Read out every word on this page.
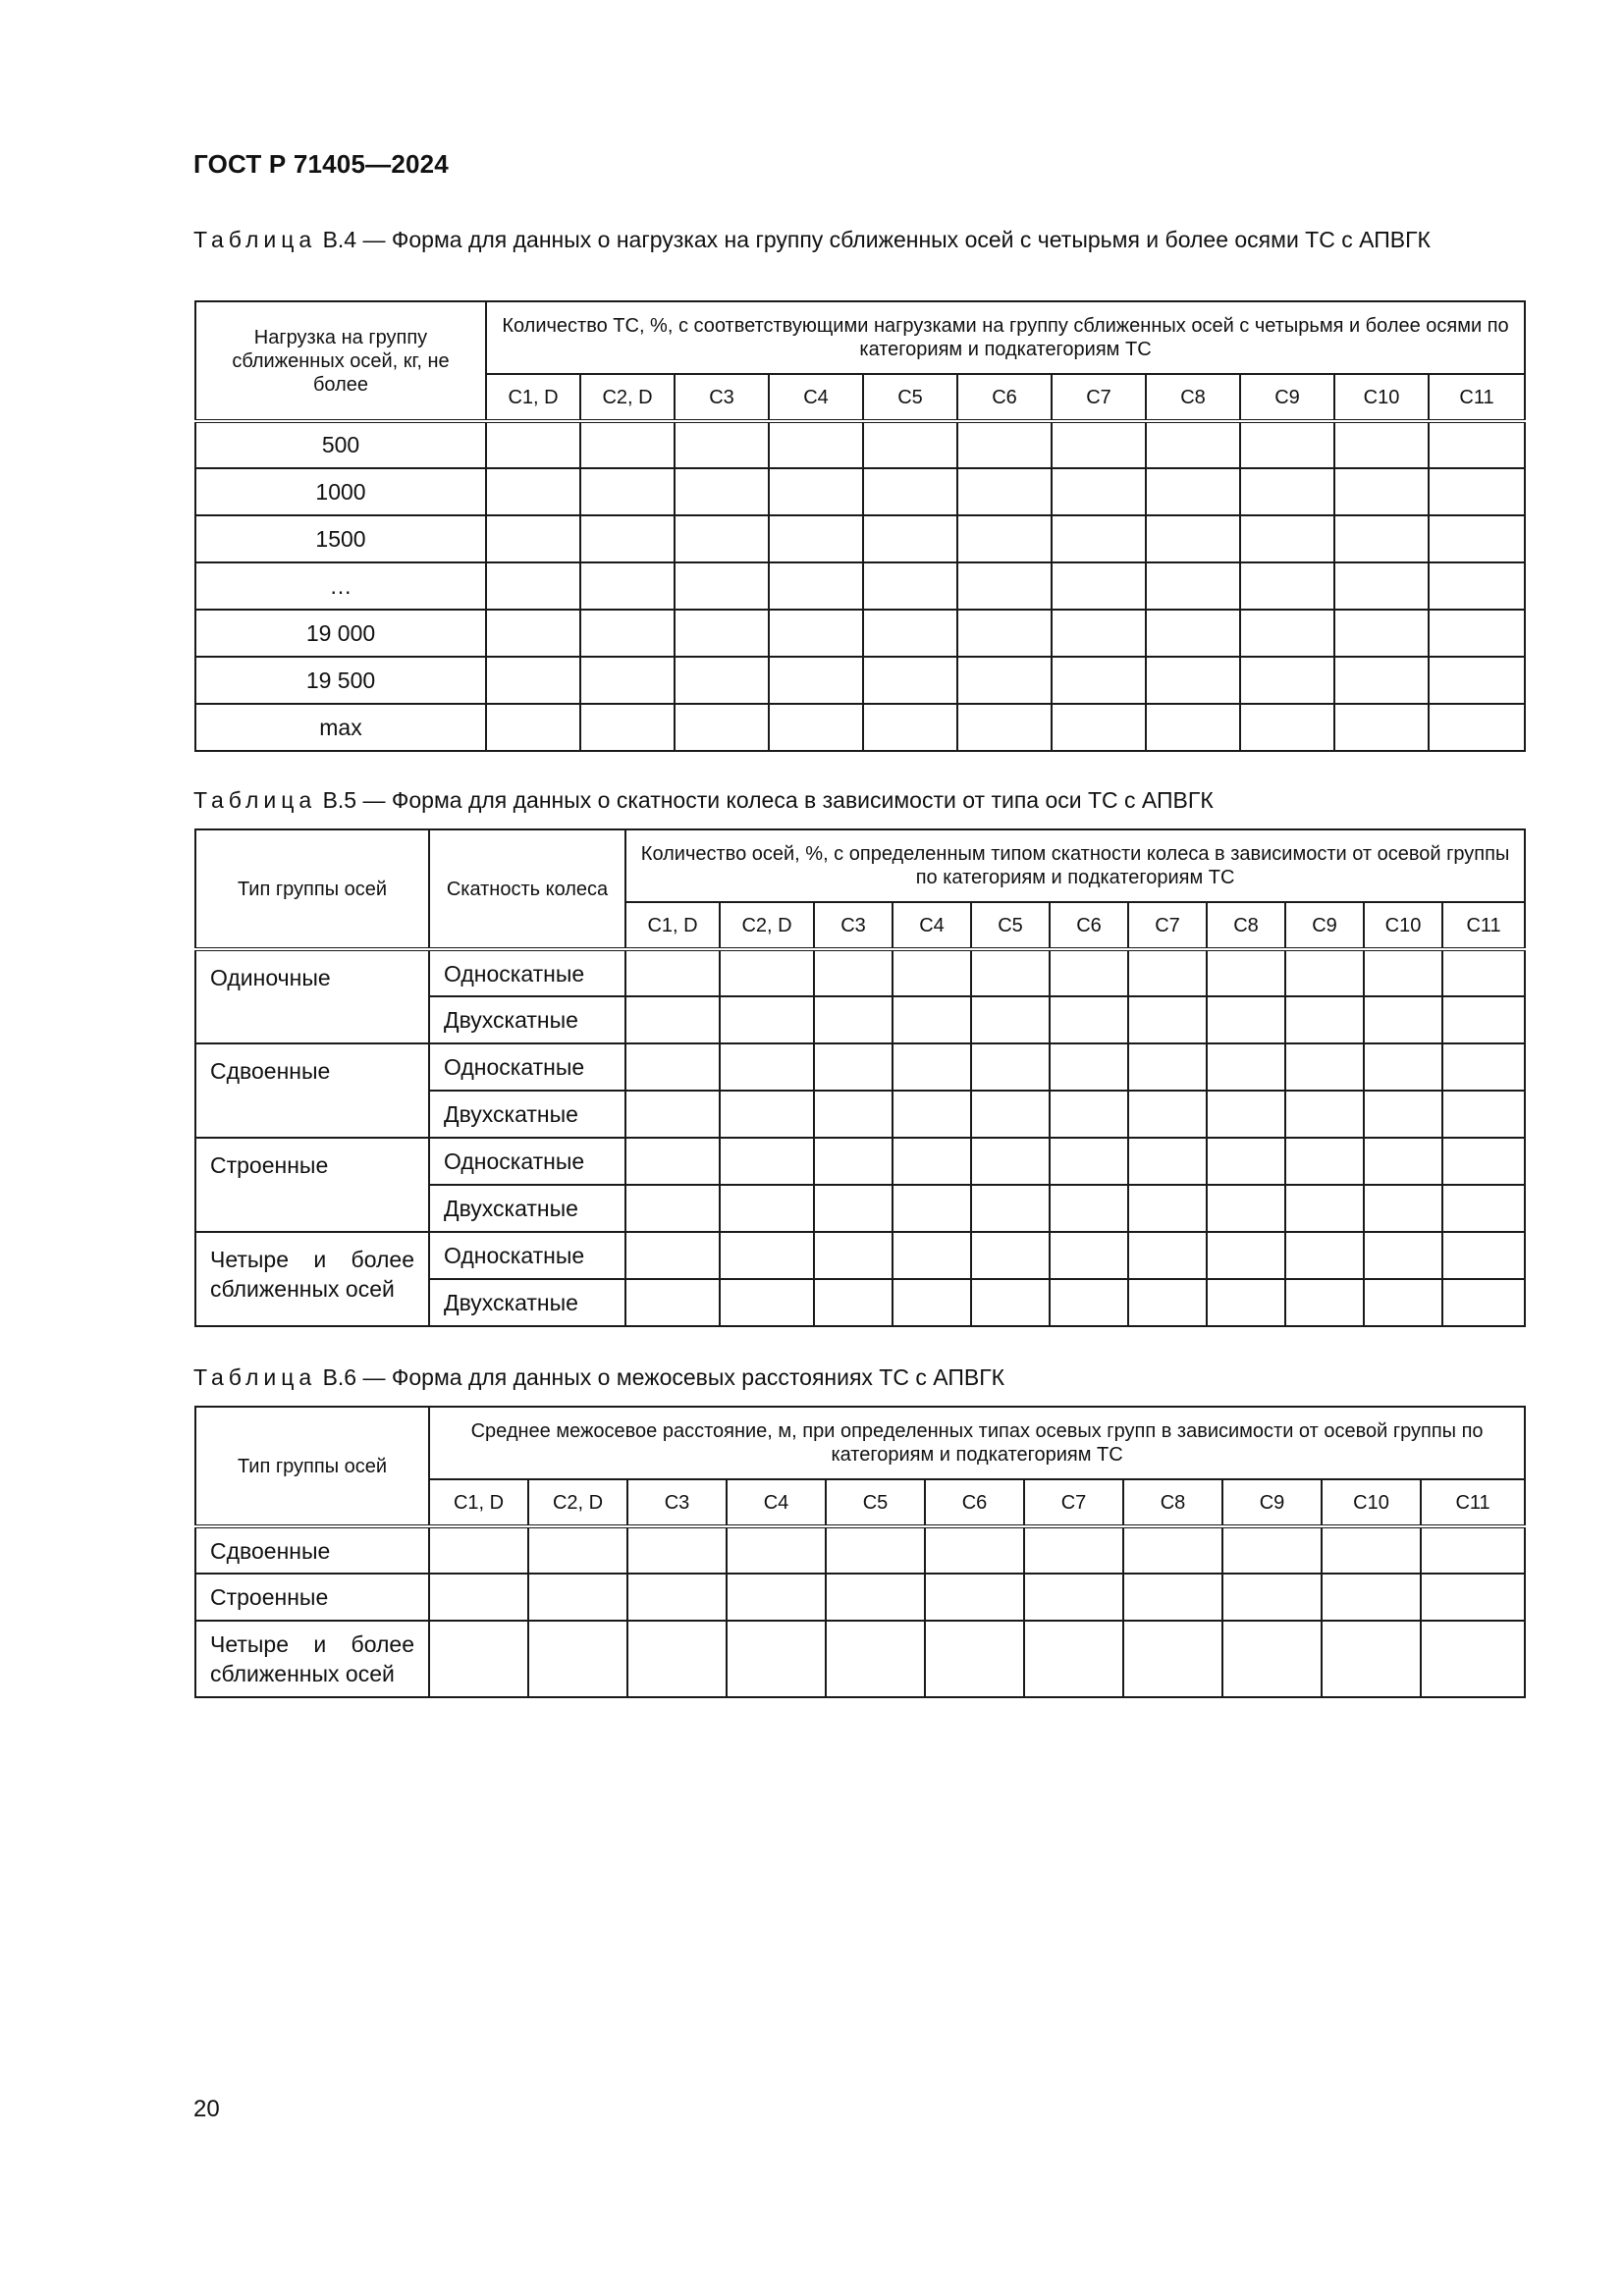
ГОСТ Р 71405—2024
Таблица В.4 — Форма для данных о нагрузках на группу сближенных осей с четырьмя и более осями ТС с АПВГК
Нагрузка на группу сближенных осей, кг, не более	Количество ТС, %, с соответствующими нагрузками на группу сближенных осей с четырьмя и более осями по категориям и подкатегориям ТС										
	С1, D	С2, D	С3	С4	С5	С6	С7	С8	С9	С10	С11
500											
1000											
1500											
…											
19 000											
19 500											
max											
Таблица В.5 — Форма для данных о скатности колеса в зависимости от типа оси ТС с АПВГК
Тип группы осей	Скатность колеса	Количество осей, %, с определенным типом скатности колеса в зависимости от осевой группы по категориям и подкатегориям ТС										
		С1, D	С2, D	С3	С4	С5	С6	С7	С8	С9	С10	С11
Одиночные	Односкатные											
	Двухскатные											
Сдвоенные	Односкатные											
	Двухскатные											
Строенные	Односкатные											
	Двухскатные											
Четыре и более сближенных осей	Односкатные											
	Двухскатные											
Таблица В.6 — Форма для данных о межосевых расстояниях ТС с АПВГК
Тип группы осей	Среднее межосевое расстояние, м, при определенных типах осевых групп в зависимости от осевой группы по категориям и подкатегориям ТС										
	С1, D	С2, D	С3	С4	С5	С6	С7	С8	С9	С10	С11
Сдвоенные											
Строенные											
Четыре и более сближенных осей											
20
